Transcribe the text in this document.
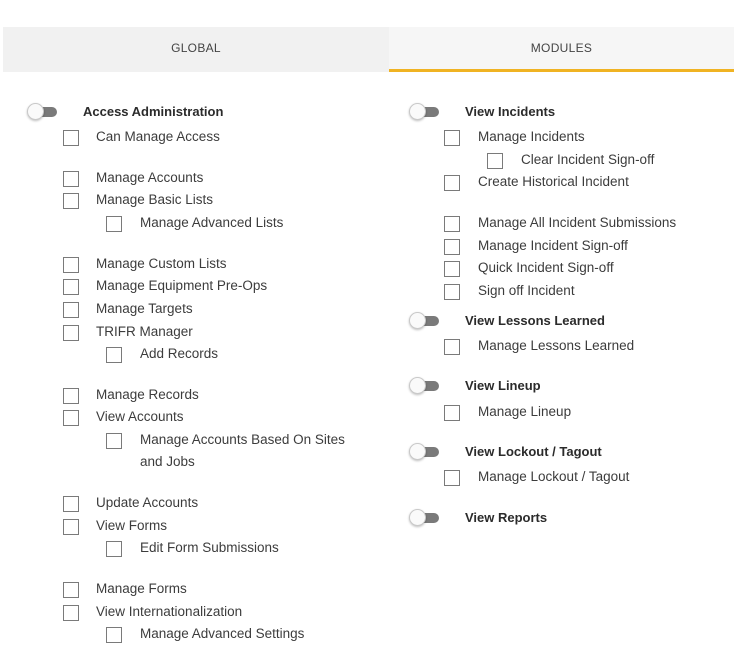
GLOBAL	MODULES
Access Administration
Can Manage Access
Manage Accounts
Manage Basic Lists
Manage Advanced Lists
Manage Custom Lists
Manage Equipment Pre-Ops
Manage Targets
TRIFR Manager
Add Records
Manage Records
View Accounts
Manage Accounts Based On Sites
and Jobs
Update Accounts
View Forms
Edit Form Submissions
Manage Forms
View Internationalization
Manage Advanced Settings
View Incidents
Manage Incidents
Clear Incident Sign-off
Create Historical Incident
Manage All Incident Submissions
Manage Incident Sign-off
Quick Incident Sign-off
Sign off Incident
View Lessons Learned
Manage Lessons Learned
View Lineup
Manage Lineup
View Lockout / Tagout
Manage Lockout / Tagout
View Reports
